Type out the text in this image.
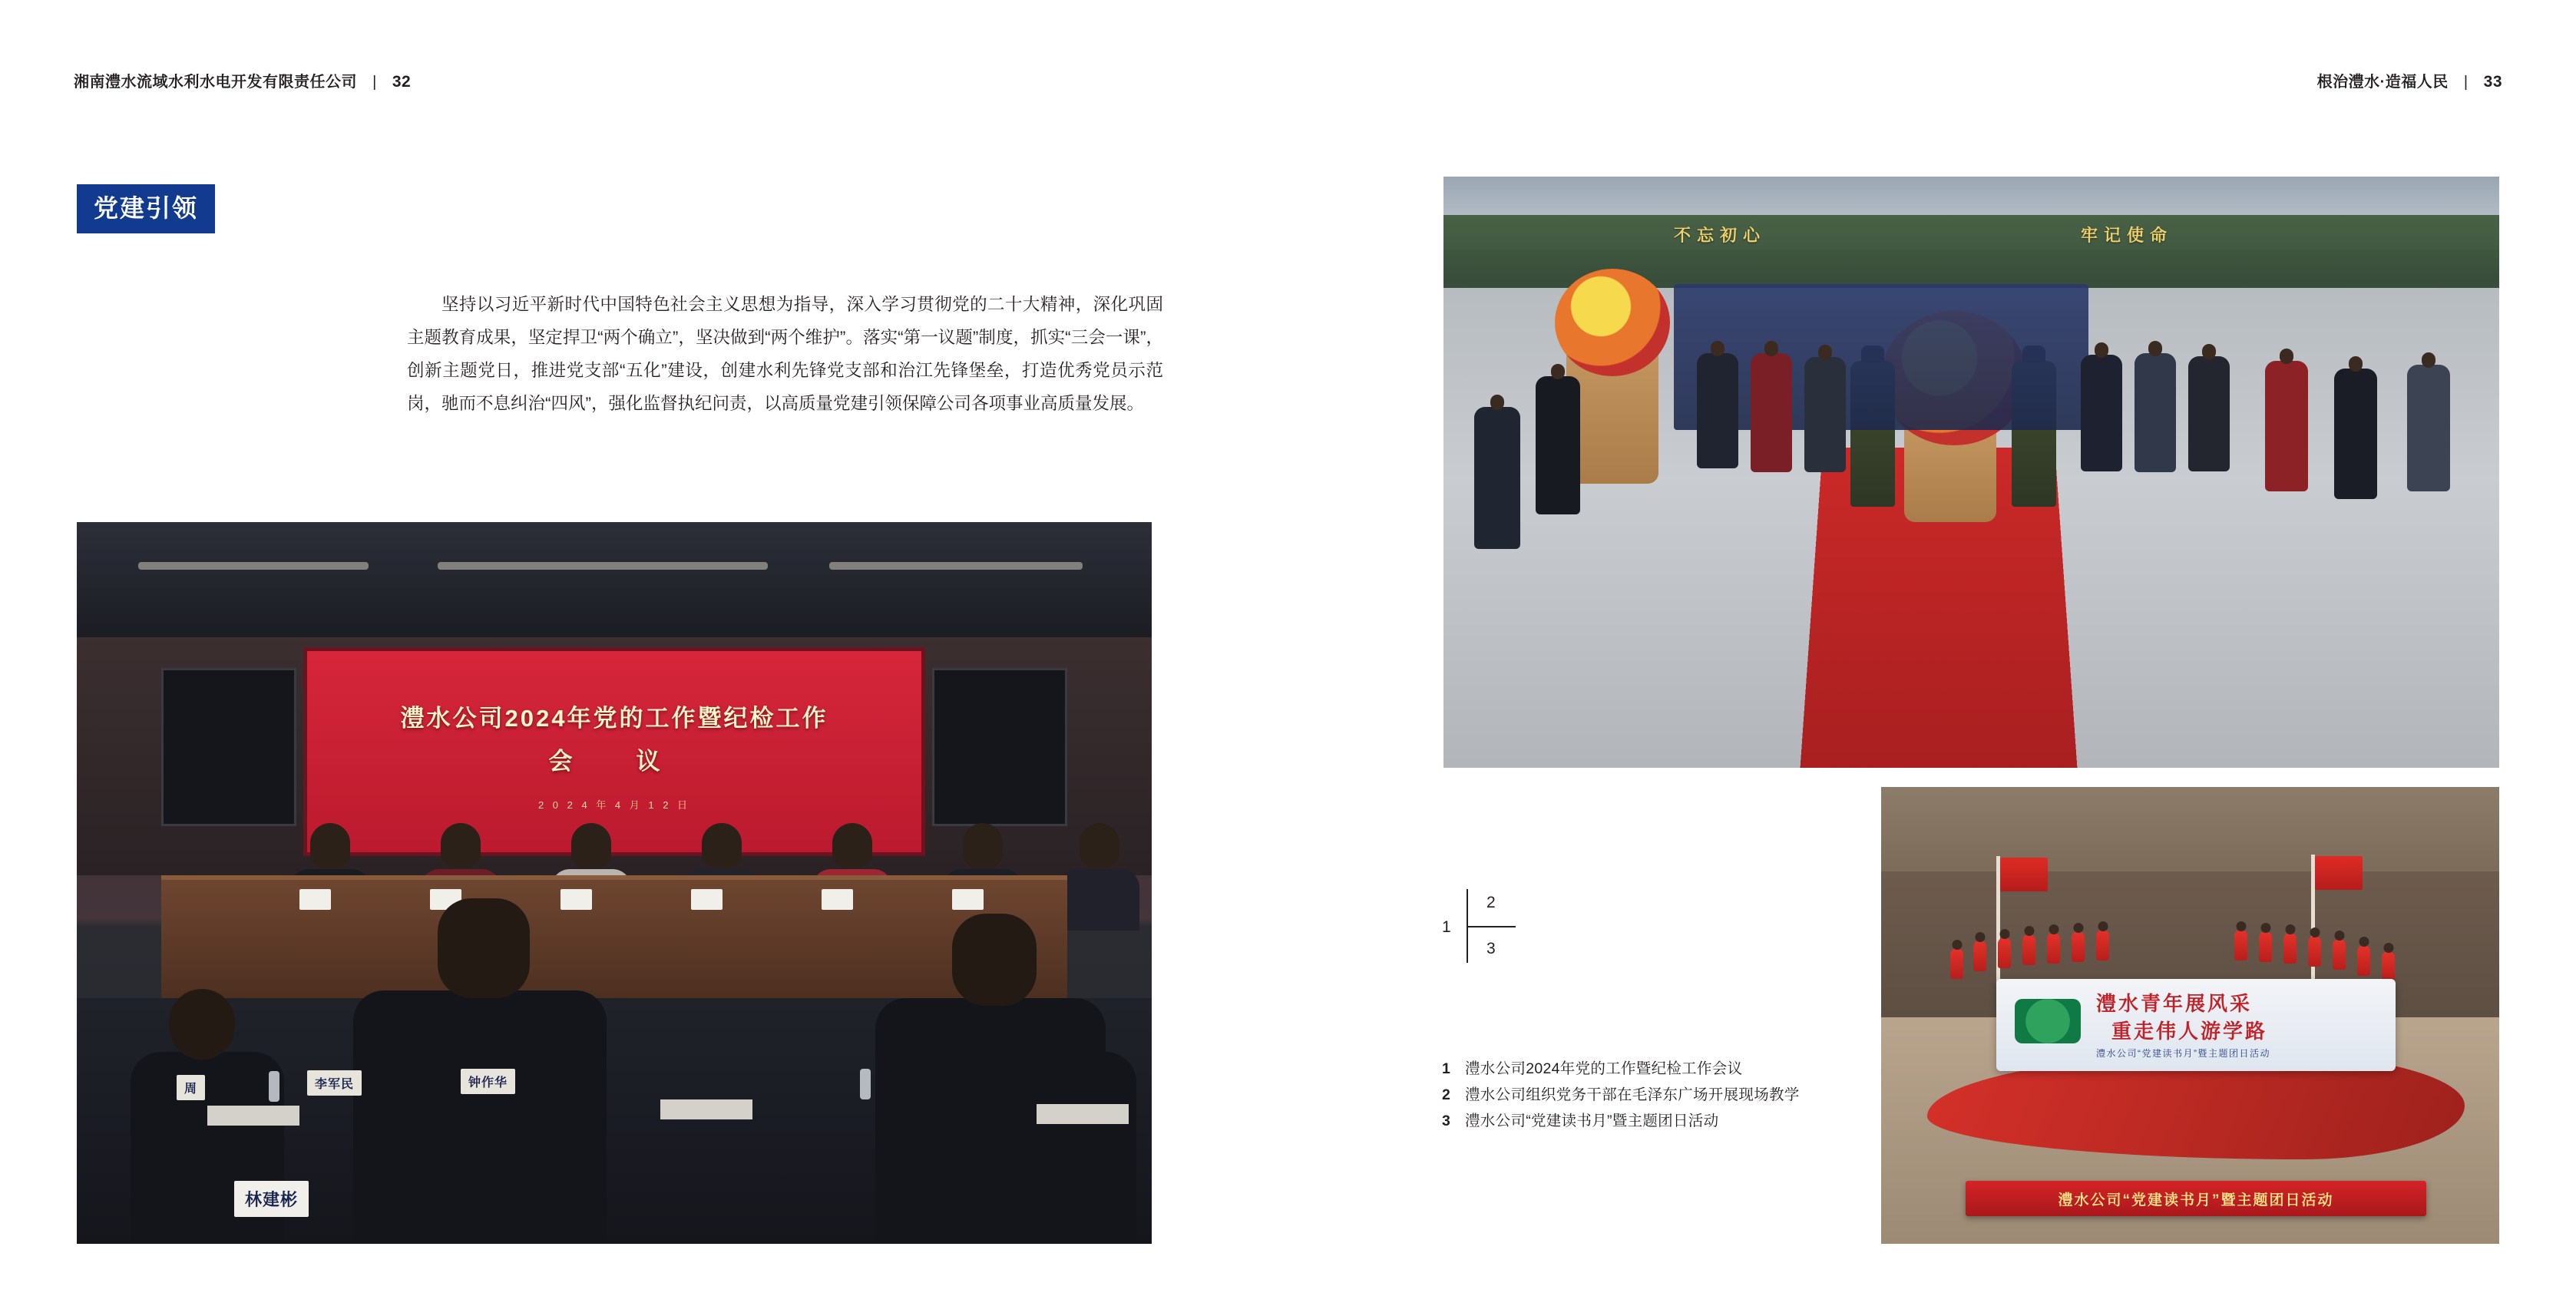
湘南澧水流域水利水电开发有限责任公司 | 32	根治澧水·造福人民 | 33
党建引领
坚持以习近平新时代中国特色社会主义思想为指导，深入学习贯彻党的二十大精神，深化巩固主题教育成果，坚定捍卫“两个确立”，坚决做到“两个维护”。落实“第一议题”制度，抓实“三会一课”，创新主题党日，推进党支部“五化”建设，创建水利先锋党支部和治江先锋堡垒，打造优秀党员示范岗，驰而不息纠治“四风”，强化监督执纪问责，以高质量党建引领保障公司各项事业高质量发展。
澧水公司2024年党的工作暨纪检工作
会　议
2 0 2 4 年 4 月 1 2 日

林建彬
周	李军民	钟作华
不忘初心	牢记使命
1
2
3
澧水青年展风采
重走伟人游学路
澧水公司“党建读书月”暨主题团日活动
澧水公司“党建读书月”暨主题团日活动
1 澧水公司2024年党的工作暨纪检工作会议
2 澧水公司组织党务干部在毛泽东广场开展现场教学
3 澧水公司“党建读书月”暨主题团日活动
